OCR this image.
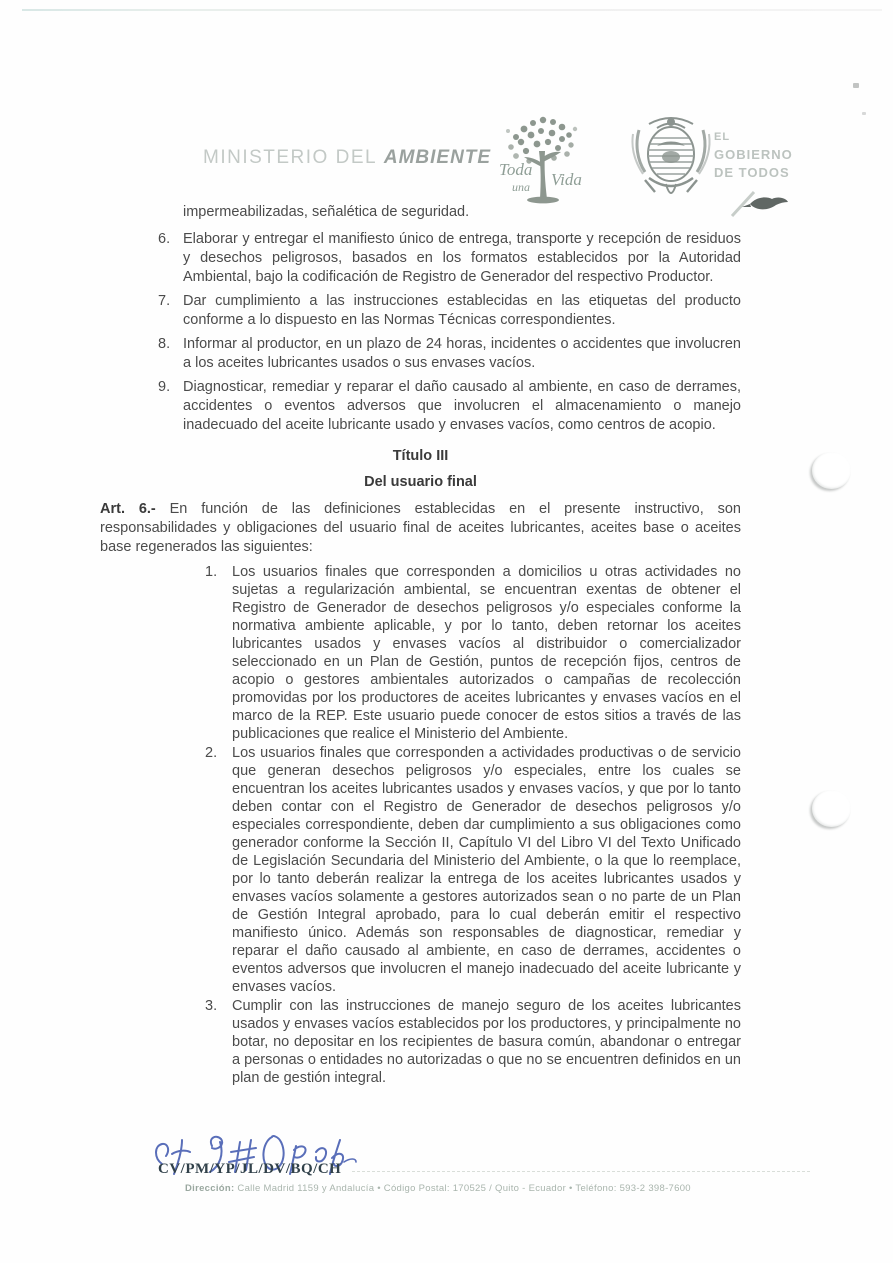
MINISTERIO DEL AMBIENTE
Toda
una Vida
EL
GOBIERNO
DE TODOS

impermeabilizadas, señalética de seguridad.

6. Elaborar y entregar el manifiesto único de entrega, transporte y recepción de residuos y desechos peligrosos, basados en los formatos establecidos por la Autoridad Ambiental, bajo la codificación de Registro de Generador del respectivo Productor.
7. Dar cumplimiento a las instrucciones establecidas en las etiquetas del producto conforme a lo dispuesto en las Normas Técnicas correspondientes.
8. Informar al productor, en un plazo de 24 horas, incidentes o accidentes que involucren a los aceites lubricantes usados o sus envases vacíos.
9. Diagnosticar, remediar y reparar el daño causado al ambiente, en caso de derrames, accidentes o eventos adversos que involucren el almacenamiento o manejo inadecuado del aceite lubricante usado y envases vacíos, como centros de acopio.
Título III
Del usuario final

Art. 6.- En función de las definiciones establecidas en el presente instructivo, son responsabilidades y obligaciones del usuario final de aceites lubricantes, aceites base o aceites base regenerados las siguientes:

1.	Los usuarios finales que corresponden a domicilios u otras actividades no sujetas a regularización ambiental, se encuentran exentas de obtener el Registro de Generador de desechos peligrosos y/o especiales conforme la normativa ambiente aplicable, y por lo tanto, deben retornar los aceites lubricantes usados y envases vacíos al distribuidor o comercializador seleccionado en un Plan de Gestión, puntos de recepción fijos, centros de acopio o gestores ambientales autorizados o campañas de recolección promovidas por los productores de aceites lubricantes y envases vacíos en el marco de la REP. Este usuario puede conocer de estos sitios a través de las publicaciones que realice el Ministerio del Ambiente.
2.	Los usuarios finales que corresponden a actividades productivas o de servicio que generan desechos peligrosos y/o especiales, entre los cuales se encuentran los aceites lubricantes usados y envases vacíos, y que por lo tanto deben contar con el Registro de Generador de desechos peligrosos y/o especiales correspondiente, deben dar cumplimiento a sus obligaciones como generador conforme la Sección II, Capítulo VI del Libro VI del Texto Unificado de Legislación Secundaria del Ministerio del Ambiente, o la que lo reemplace, por lo tanto deberán realizar la entrega de los aceites lubricantes usados y envases vacíos solamente a gestores autorizados sean o no parte de un Plan de Gestión Integral aprobado, para lo cual deberán emitir el respectivo manifiesto único. Además son responsables de diagnosticar, remediar y reparar el daño causado al ambiente, en caso de derrames, accidentes o eventos adversos que involucren el manejo inadecuado del aceite lubricante y envases vacíos.
3.	Cumplir con las instrucciones de manejo seguro de los aceites lubricantes usados y envases vacíos establecidos por los productores, y principalmente no botar, no depositar en los recipientes de basura común, abandonar o entregar a personas o entidades no autorizadas o que no se encuentren definidos en un plan de gestión integral.
CV/PM/YP/JL/DV/BQ/CH
Dirección: Calle Madrid 1159 y Andalucía • Código Postal: 170525 / Quito - Ecuador • Teléfono: 593-2 398-7600
